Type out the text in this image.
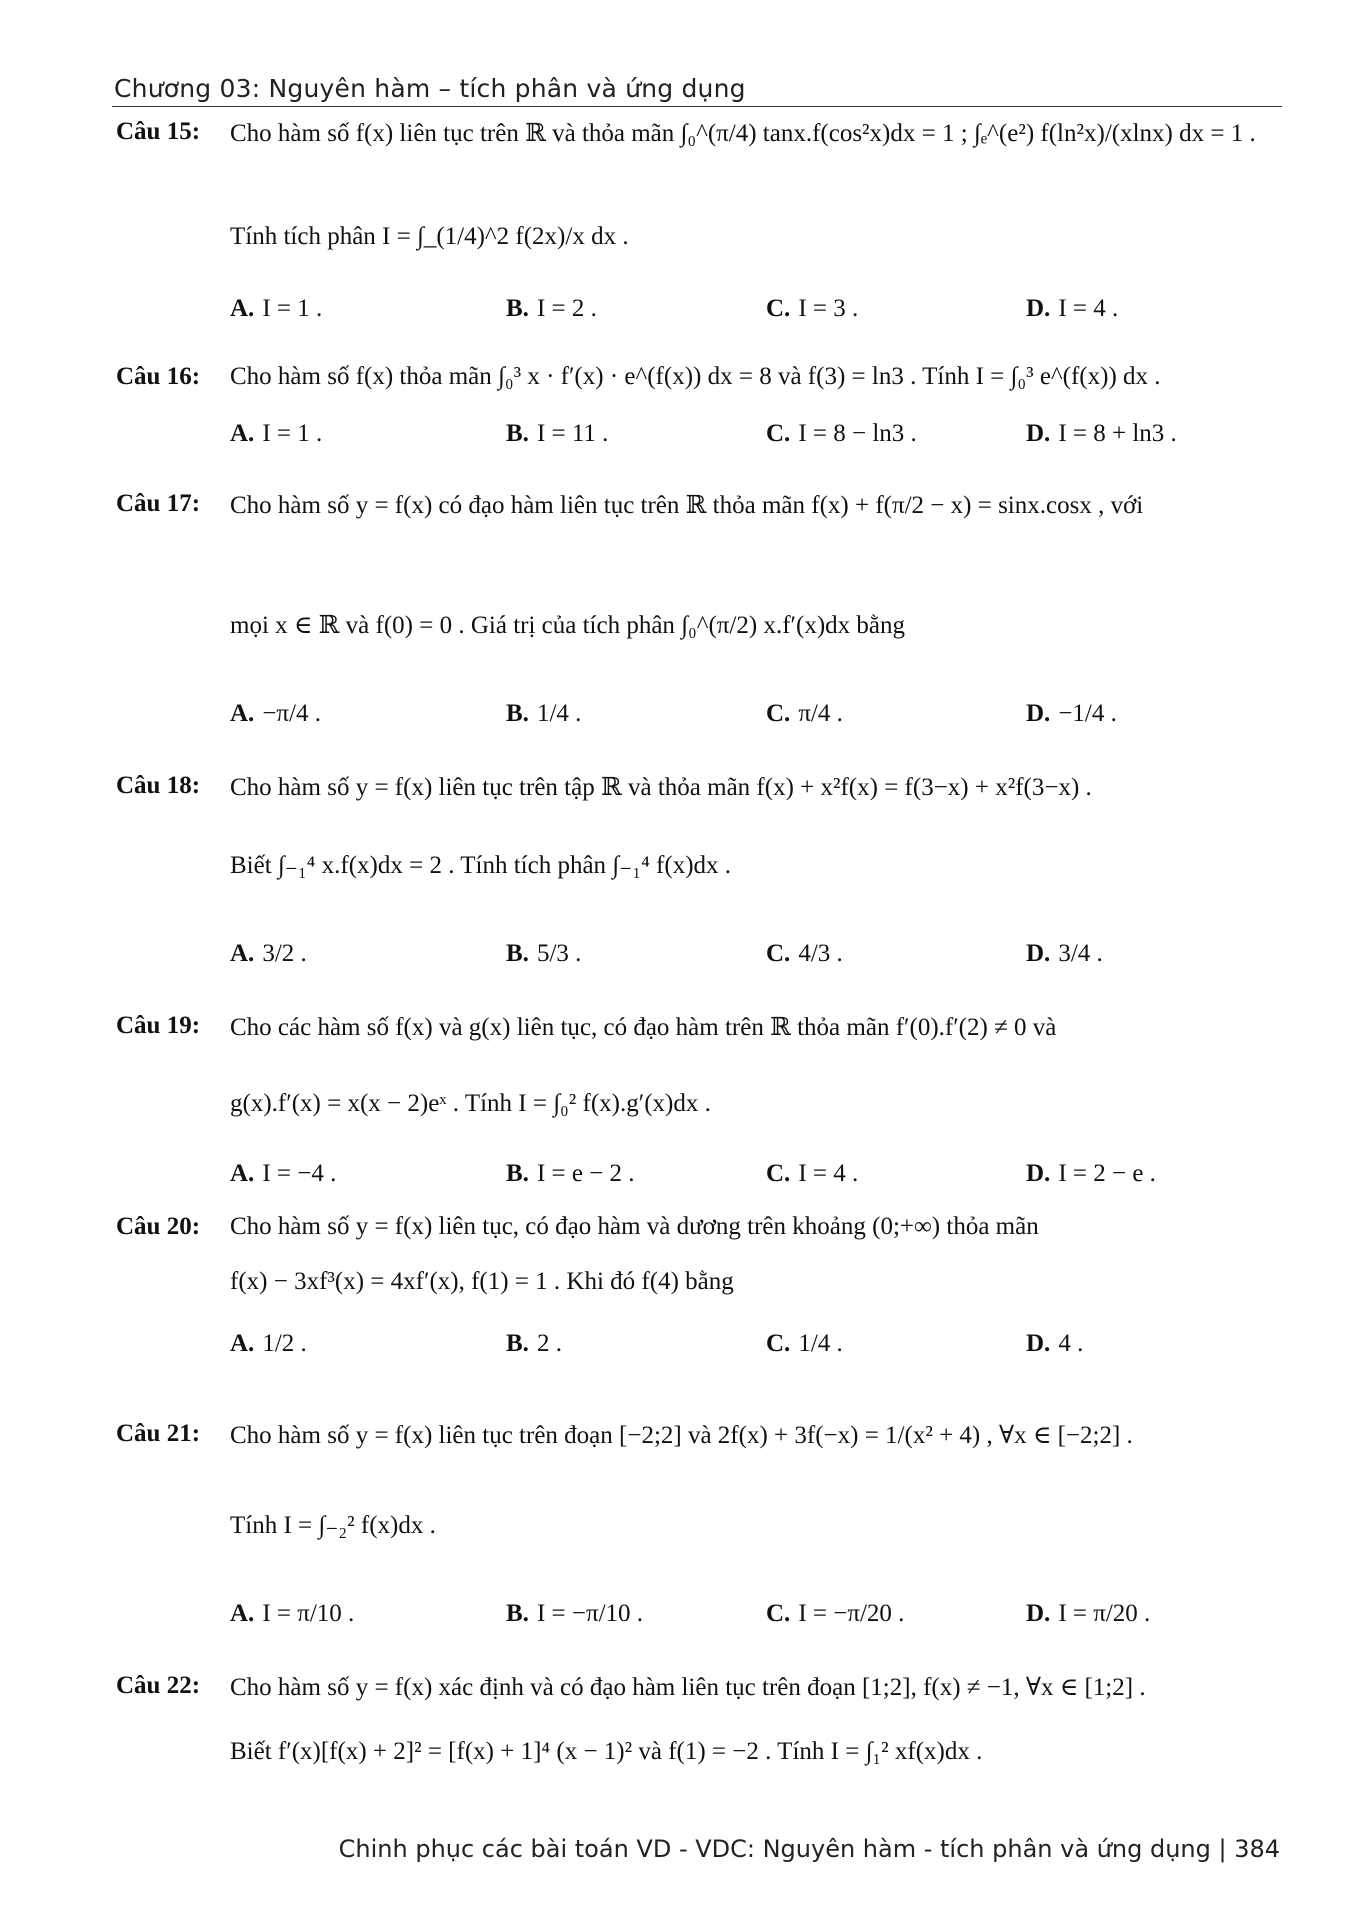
Chương 03: Nguyên hàm – tích phân và ứng dụng
Câu 15: Cho hàm số f(x) liên tục trên ℝ và thỏa mãn ∫₀^(π/4) tanx.f(cos²x)dx = 1 ; ∫ₑ^(e²) f(ln²x)/(xlnx) dx = 1 .
Tính tích phân I = ∫_(1/4)^2 f(2x)/x dx .
A. I = 1 .	B. I = 2 .	C. I = 3 .	D. I = 4 .
Câu 16: Cho hàm số f(x) thỏa mãn ∫₀³ x · f′(x) · e^(f(x)) dx = 8 và f(3) = ln3 . Tính I = ∫₀³ e^(f(x)) dx .
A. I = 1 .	B. I = 11 .	C. I = 8 − ln3 .	D. I = 8 + ln3 .
Câu 17: Cho hàm số y = f(x) có đạo hàm liên tục trên ℝ thỏa mãn f(x) + f(π/2 − x) = sinx.cosx , với
mọi x ∈ ℝ và f(0) = 0 . Giá trị của tích phân ∫₀^(π/2) x.f′(x)dx bằng
A. −π/4 .	B. 1/4 .	C. π/4 .	D. −1/4 .
Câu 18: Cho hàm số y = f(x) liên tục trên tập ℝ và thỏa mãn f(x) + x²f(x) = f(3−x) + x²f(3−x) .
Biết ∫₋₁⁴ x.f(x)dx = 2 . Tính tích phân ∫₋₁⁴ f(x)dx .
A. 3/2 .	B. 5/3 .	C. 4/3 .	D. 3/4 .
Câu 19: Cho các hàm số f(x) và g(x) liên tục, có đạo hàm trên ℝ thỏa mãn f′(0).f′(2) ≠ 0 và
g(x).f′(x) = x(x − 2)eˣ . Tính I = ∫₀² f(x).g′(x)dx .
A. I = −4 .	B. I = e − 2 .	C. I = 4 .	D. I = 2 − e .
Câu 20: Cho hàm số y = f(x) liên tục, có đạo hàm và dương trên khoảng (0;+∞) thỏa mãn
f(x) − 3xf³(x) = 4xf′(x), f(1) = 1 . Khi đó f(4) bằng
A. 1/2 .	B. 2 .	C. 1/4 .	D. 4 .
Câu 21: Cho hàm số y = f(x) liên tục trên đoạn [−2;2] và 2f(x) + 3f(−x) = 1/(x² + 4) , ∀x ∈ [−2;2] .
Tính I = ∫₋₂² f(x)dx .
A. I = π/10 .	B. I = −π/10 .	C. I = −π/20 .	D. I = π/20 .
Câu 22: Cho hàm số y = f(x) xác định và có đạo hàm liên tục trên đoạn [1;2], f(x) ≠ −1, ∀x ∈ [1;2] .
Biết f′(x)[f(x) + 2]² = [f(x) + 1]⁴ (x − 1)² và f(1) = −2 . Tính I = ∫₁² xf(x)dx .
Chinh phục các bài toán VD - VDC: Nguyên hàm - tích phân và ứng dụng | 384
